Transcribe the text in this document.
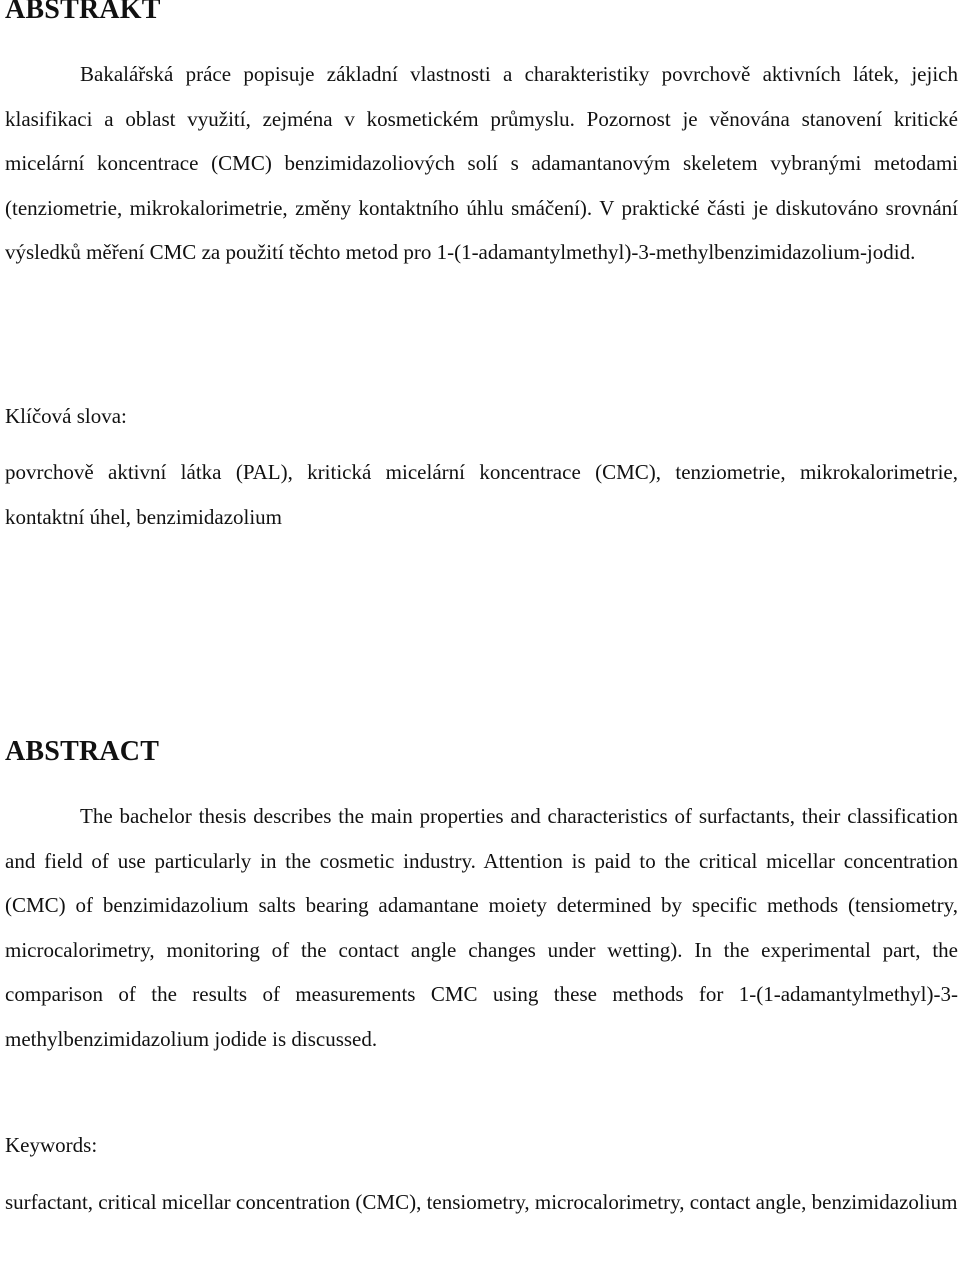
ABSTRAKT

Bakalářská práce popisuje základní vlastnosti a charakteristiky povrchově aktivních látek, jejich klasifikaci a oblast využití, zejména v kosmetickém průmyslu. Pozornost je věnována stanovení kritické micelární koncentrace (CMC) benzimidazoliových solí s adamantanovým skeletem vybranými metodami (tenziometrie, mikrokalorimetrie, změny kontaktního úhlu smáčení). V praktické části je diskutováno srovnání výsledků měření CMC za použití těchto metod pro 1-(1-adamantylmethyl)-3-methylbenzimidazolium-jodid.

Klíčová slova:

povrchově aktivní látka (PAL), kritická micelární koncentrace (CMC), tenziometrie, mikrokalorimetrie, kontaktní úhel, benzimidazolium

ABSTRACT

The bachelor thesis describes the main properties and characteristics of surfactants, their classification and field of use particularly in the cosmetic industry. Attention is paid to the critical micellar concentration (CMC) of benzimidazolium salts bearing adamantane moiety determined by specific methods (tensiometry, microcalorimetry, monitoring of the contact angle changes under wetting). In the experimental part, the comparison of the results of measurements CMC using these methods for 1-(1-adamantylmethyl)-3-methylbenzimidazolium jodide is discussed.

Keywords:

surfactant, critical micellar concentration (CMC), tensiometry, microcalorimetry, contact angle, benzimidazolium
